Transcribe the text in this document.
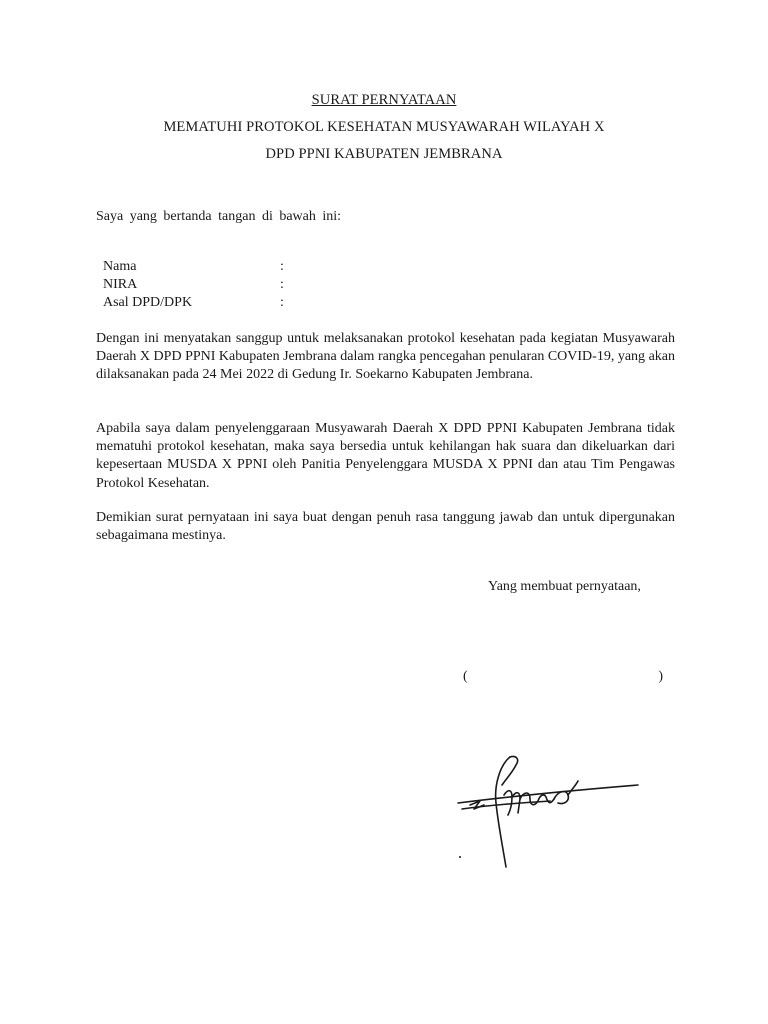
SURAT PERNYATAAN
MEMATUHI PROTOKOL KESEHATAN MUSYAWARAH WILAYAH X
DPD PPNI KABUPATEN JEMBRANA
Saya yang bertanda tangan di bawah ini:
Nama	:
NIRA	:
Asal DPD/DPK	:
Dengan ini menyatakan sanggup untuk melaksanakan protokol kesehatan pada kegiatan Musyawarah Daerah X DPD PPNI Kabupaten Jembrana dalam rangka pencegahan penularan COVID-19, yang akan dilaksanakan pada 24 Mei 2022 di Gedung Ir. Soekarno Kabupaten Jembrana.
Apabila saya dalam penyelenggaraan Musyawarah Daerah X DPD PPNI Kabupaten Jembrana tidak mematuhi protokol kesehatan, maka saya bersedia untuk kehilangan hak suara dan dikeluarkan dari kepesertaan MUSDA X PPNI oleh Panitia Penyelenggara MUSDA X PPNI dan atau Tim Pengawas Protokol Kesehatan.
Demikian surat pernyataan ini saya buat dengan penuh rasa tanggung jawab dan untuk dipergunakan sebagaimana mestinya.
Yang membuat pernyataan,
(	)
